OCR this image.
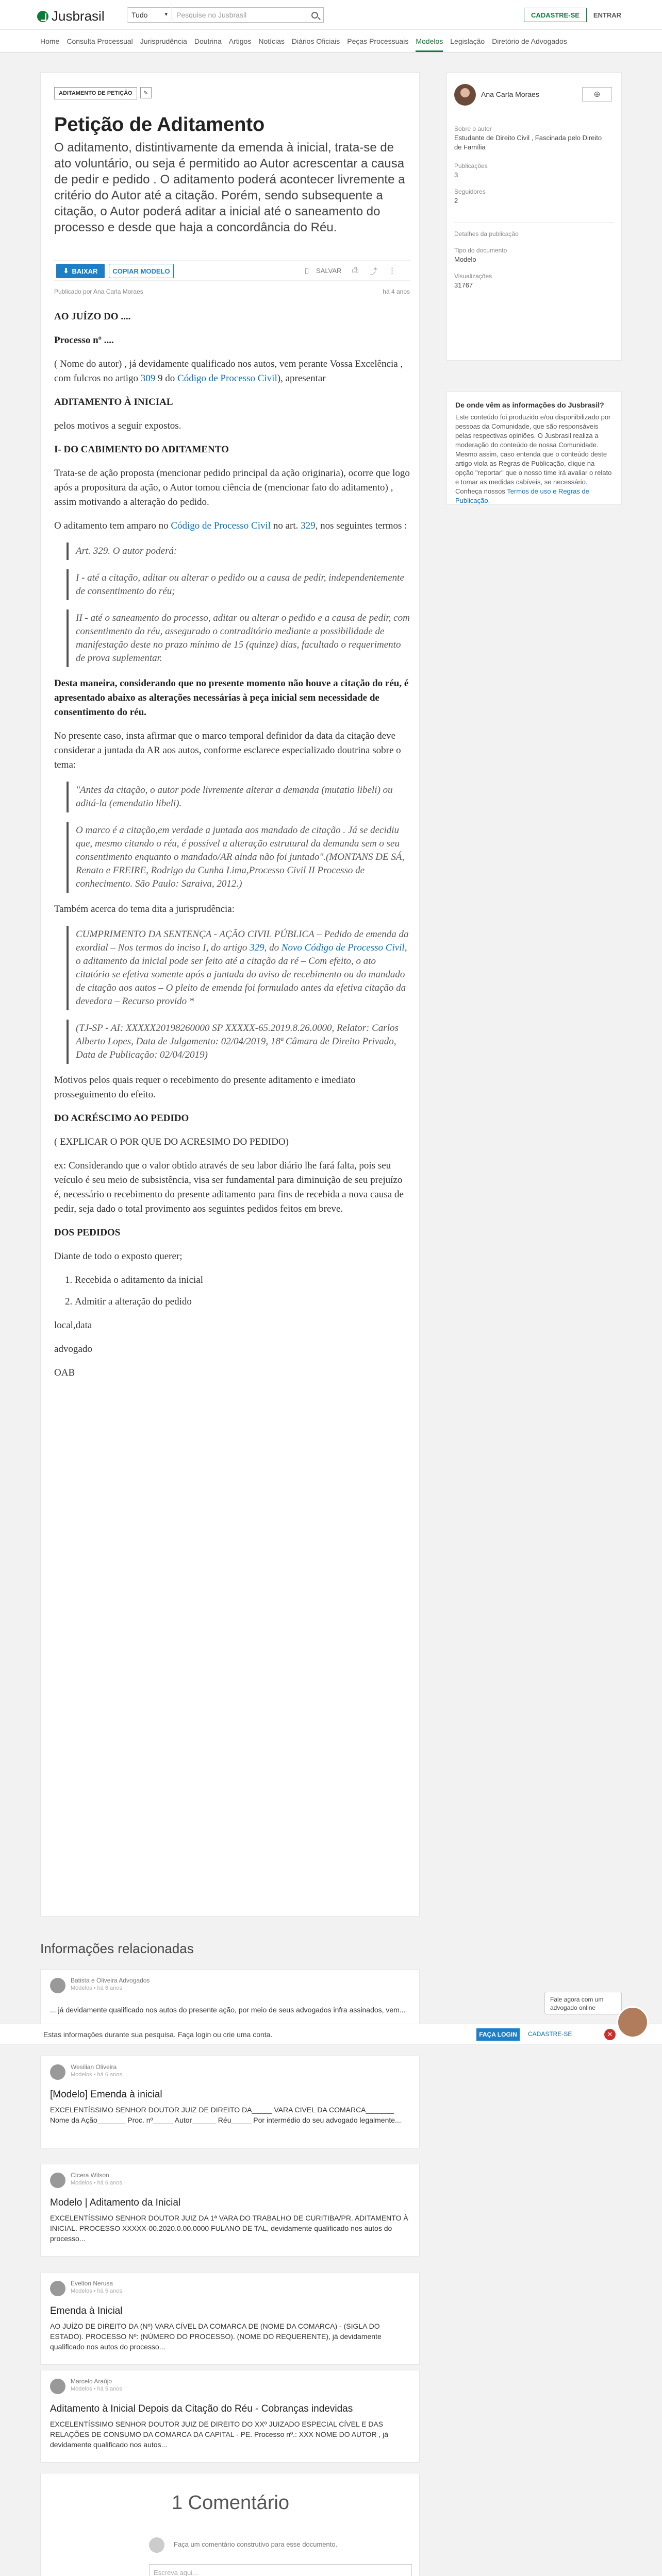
Jusbrasil	Tudo	▾	Pesquise no Jusbrasil	CADASTRE-SE	ENTRAR
Home Consulta Processual Jurisprudência Doutrina Artigos Notícias Diários Oficiais Peças Processuais Modelos Legislação Diretório de Advogados
ADITAMENTO DE PETIÇÃO	✎
Petição de Aditamento

O aditamento, distintivamente da emenda à inicial, trata-se de ato voluntário, ou seja é permitido ao Autor acrescentar a causa de pedir e pedido . O aditamento poderá acontecer livremente a critério do Autor até a citação. Porém, sendo subsequente a citação, o Autor poderá aditar a inicial até o saneamento do processo e desde que haja a concordância do Réu.

⬇ BAIXAR	COPIAR MODELO	▯ SALVAR ⎙ ⤴ ⋮
Publicado por Ana Carla Moraes	há 4 anos

AO JUÍZO DO ....

Processo nº ....

( Nome do autor) , já devidamente qualificado nos autos, vem perante Vossa Excelência , com fulcros no artigo 309 9 do Código de Processo Civil), apresentar

ADITAMENTO À INICIAL

pelos motivos a seguir expostos.

I- DO CABIMENTO DO ADITAMENTO

Trata-se de ação proposta (mencionar pedido principal da ação originaria), ocorre que logo após a propositura da ação, o Autor tomou ciência de (mencionar fato do aditamento) , assim motivando a alteração do pedido.

O aditamento tem amparo no Código de Processo Civil no art. 329, nos seguintes termos :

Art. 329. O autor poderá:
I - até a citação, aditar ou alterar o pedido ou a causa de pedir, independentemente de consentimento do réu;
II - até o saneamento do processo, aditar ou alterar o pedido e a causa de pedir, com consentimento do réu, assegurado o contraditório mediante a possibilidade de manifestação deste no prazo mínimo de 15 (quinze) dias, facultado o requerimento de prova suplementar.

Desta maneira, considerando que no presente momento não houve a citação do réu, é apresentado abaixo as alterações necessárias à peça inicial sem necessidade de consentimento do réu.

No presente caso, insta afirmar que o marco temporal definidor da data da citação deve considerar a juntada da AR aos autos, conforme esclarece especializado doutrina sobre o tema:

"Antes da citação, o autor pode livremente alterar a demanda (mutatio libeli) ou aditá-la (emendatio libeli).
O marco é a citação,em verdade a juntada aos mandado de citação . Já se decidiu que, mesmo citando o réu, é possível a alteração estrutural da demanda sem o seu consentimento enquanto o mandado/AR ainda não foi juntado".(MONTANS DE SÁ, Renato e FREIRE, Rodrigo da Cunha Lima,Processo Civil II Processo de conhecimento. São Paulo: Saraiva, 2012.)

Também acerca do tema dita a jurisprudência:

CUMPRIMENTO DA SENTENÇA - AÇÃO CIVIL PÚBLICA – Pedido de emenda da exordial – Nos termos do inciso I, do artigo 329, do Novo Código de Processo Civil, o aditamento da inicial pode ser feito até a citação da ré – Com efeito, o ato citatório se efetiva somente após a juntada do aviso de recebimento ou do mandado de citação aos autos – O pleito de emenda foi formulado antes da efetiva citação da devedora – Recurso provido *
(TJ-SP - AI: XXXXX20198260000 SP XXXXX-65.2019.8.26.0000, Relator: Carlos Alberto Lopes, Data de Julgamento: 02/04/2019, 18ª Câmara de Direito Privado, Data de Publicação: 02/04/2019)

Motivos pelos quais requer o recebimento do presente aditamento e imediato prosseguimento do efeito.

DO ACRÉSCIMO AO PEDIDO

( EXPLICAR O POR QUE DO ACRESIMO DO PEDIDO)

ex: Considerando que o valor obtido através de seu labor diário lhe fará falta, pois seu veículo é seu meio de subsistência, visa ser fundamental para diminuição de seu prejuízo é, necessário o recebimento do presente aditamento para fins de recebida a nova causa de pedir, seja dado o total provimento aos seguintes pedidos feitos em breve.

DOS PEDIDOS

Diante de todo o exposto querer;

1. Recebida o aditamento da inicial
2. Admitir a alteração do pedido

local,data

advogado

OAB

Ana Carla Moraes	⊕
Sobre o autor
Estudante de Direito Civil , Fascinada pelo Direito de Família
Publicações
3
Seguidores
2
Detalhes da publicação
Tipo do documento
Modelo
Visualizações
31767
De onde vêm as informações do Jusbrasil?
Este conteúdo foi produzido e/ou disponibilizado por pessoas da Comunidade, que são responsáveis pelas respectivas opiniões. O Jusbrasil realiza a moderação do conteúdo de nossa Comunidade. Mesmo assim, caso entenda que o conteúdo deste artigo viola as Regras de Publicação, clique na opção "reportar" que o nosso time irá avaliar o relato e tomar as medidas cabíveis, se necessário. Conheça nossos Termos de uso e Regras de Publicação.
Informações relacionadas
Batista e Oliveira Advogados
Modelos • há 6 anos
... já devidamente qualificado nos autos do presente ação, por meio de seus advogados infra assinados, vem...
Estas informações durante sua pesquisa. Faça login ou crie uma conta.	FAÇA LOGIN	CADASTRE-SE	✕
Fale agora com um advogado online
Wesilian Oliveira
Modelos • há 6 anos
[Modelo] Emenda à inicial
EXCELENTÍSSIMO SENHOR DOUTOR JUIZ DE DIREITO DA_____ VARA CIVEL DA COMARCA_______ Nome da Ação_______ Proc. nº_____ Autor______ Réu_____ Por intermédio do seu advogado legalmente...
Cícera Wilson
Modelos • há 6 anos
Modelo | Aditamento da Inicial
EXCELENTÍSSIMO SENHOR DOUTOR JUIZ DA 1ª VARA DO TRABALHO DE CURITIBA/PR. ADITAMENTO À INICIAL. PROCESSO XXXXX-00.2020.0.00.0000 FULANO DE TAL, devidamente qualificado nos autos do processo...
Evelton Nerusa
Modelos • há 5 anos
Emenda à Inicial
AO JUÍZO DE DIREITO DA (Nº) VARA CÍVEL DA COMARCA DE (NOME DA COMARCA) - (SIGLA DO ESTADO). PROCESSO Nº: (NÚMERO DO PROCESSO). (NOME DO REQUERENTE), já devidamente qualificado nos autos do processo...
Marcelo Araújo
Modelos • há 5 anos
Aditamento à Inicial Depois da Citação do Réu - Cobranças indevidas
EXCELENTÍSSIMO SENHOR DOUTOR JUIZ DE DIREITO DO XXº JUIZADO ESPECIAL CÍVEL E DAS RELAÇÕES DE CONSUMO DA COMARCA DA CAPITAL - PE. Processo nº.: XXX NOME DO AUTOR , já devidamente qualificado nos autos...
1 Comentário
Faça um comentário construtivo para esse documento.
Escreva aqui...
